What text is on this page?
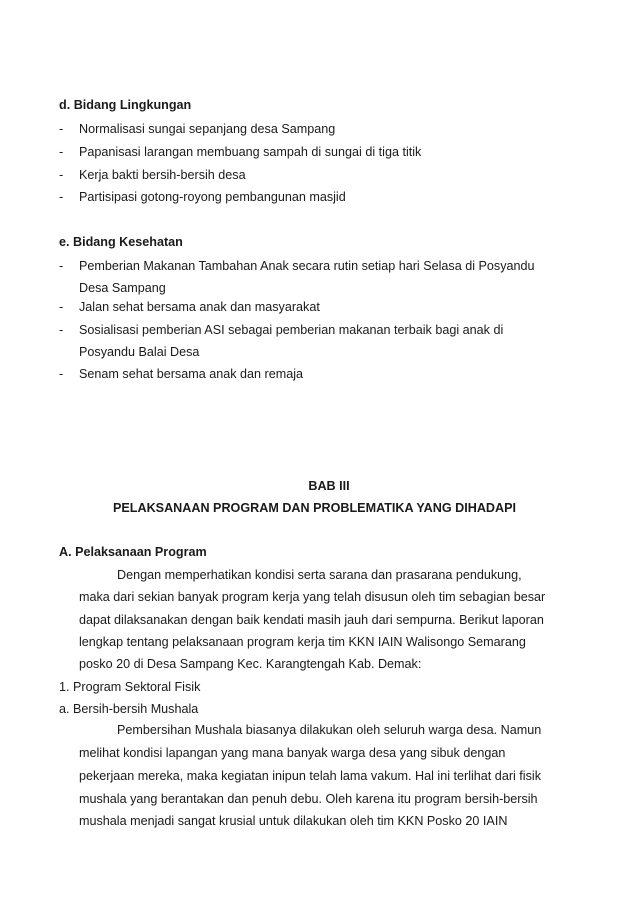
d. Bidang Lingkungan
- Normalisasi sungai sepanjang desa Sampang
- Papanisasi larangan membuang sampah di sungai di tiga titik
- Kerja bakti bersih-bersih desa
- Partisipasi gotong-royong pembangunan masjid
e. Bidang Kesehatan
- Pemberian Makanan Tambahan Anak secara rutin setiap hari Selasa di Posyandu
Desa Sampang
- Jalan sehat bersama anak dan masyarakat
- Sosialisasi pemberian ASI sebagai pemberian makanan terbaik bagi anak di
Posyandu Balai Desa
- Senam sehat bersama anak dan remaja
BAB III
PELAKSANAAN PROGRAM DAN PROBLEMATIKA YANG DIHADAPI
A. Pelaksanaan Program
Dengan memperhatikan kondisi serta sarana dan prasarana pendukung,
maka dari sekian banyak program kerja yang telah disusun oleh tim sebagian besar
dapat dilaksanakan dengan baik kendati masih jauh dari sempurna. Berikut laporan
lengkap tentang pelaksanaan program kerja tim KKN IAIN Walisongo Semarang
posko 20 di Desa Sampang Kec. Karangtengah Kab. Demak:
1. Program Sektoral Fisik
a. Bersih-bersih Mushala
Pembersihan Mushala biasanya dilakukan oleh seluruh warga desa. Namun
melihat kondisi lapangan yang mana banyak warga desa yang sibuk dengan
pekerjaan mereka, maka kegiatan inipun telah lama vakum. Hal ini terlihat dari fisik
mushala yang berantakan dan penuh debu. Oleh karena itu program bersih-bersih
mushala menjadi sangat krusial untuk dilakukan oleh tim KKN Posko 20 IAIN
